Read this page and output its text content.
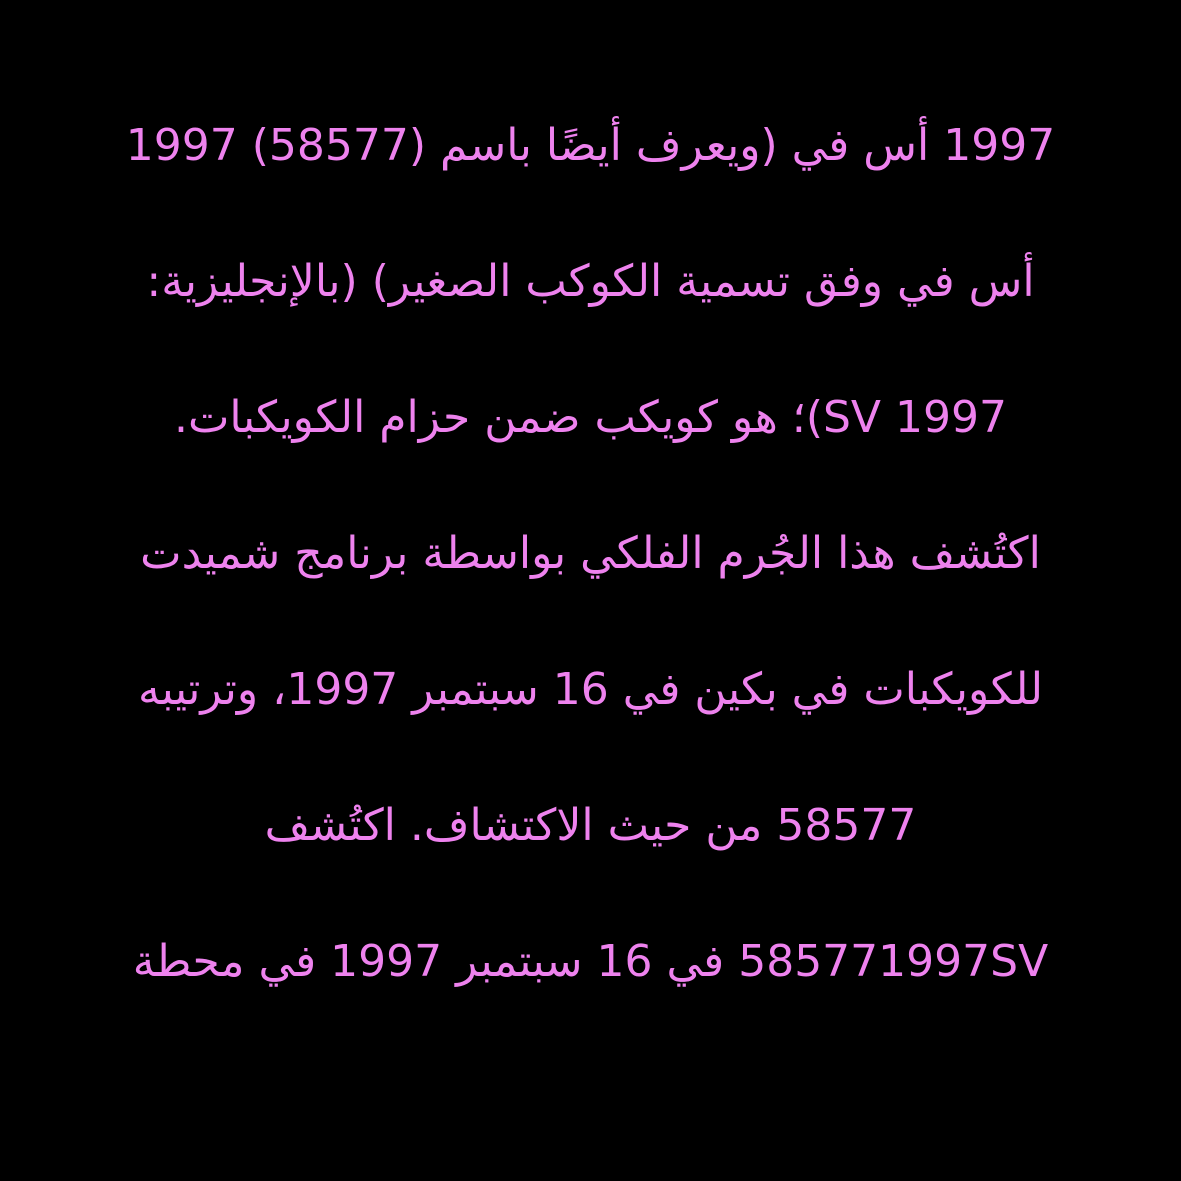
1997 أس في (ويعرف أيضًا باسم (58577) 1997
أس في وفق تسمية الكوكب الصغير) (بالإنجليزية:
SV 1997)؛ هو كويكب ضمن حزام الكويكبات.
اكتُشف هذا الجُرم الفلكي بواسطة برنامج شميدت
للكويكبات في بكين في 16 سبتمبر 1997، وترتيبه
58577 من حيث الاكتشاف. اكتُشف
585771997SV في 16 سبتمبر 1997 في محطة
